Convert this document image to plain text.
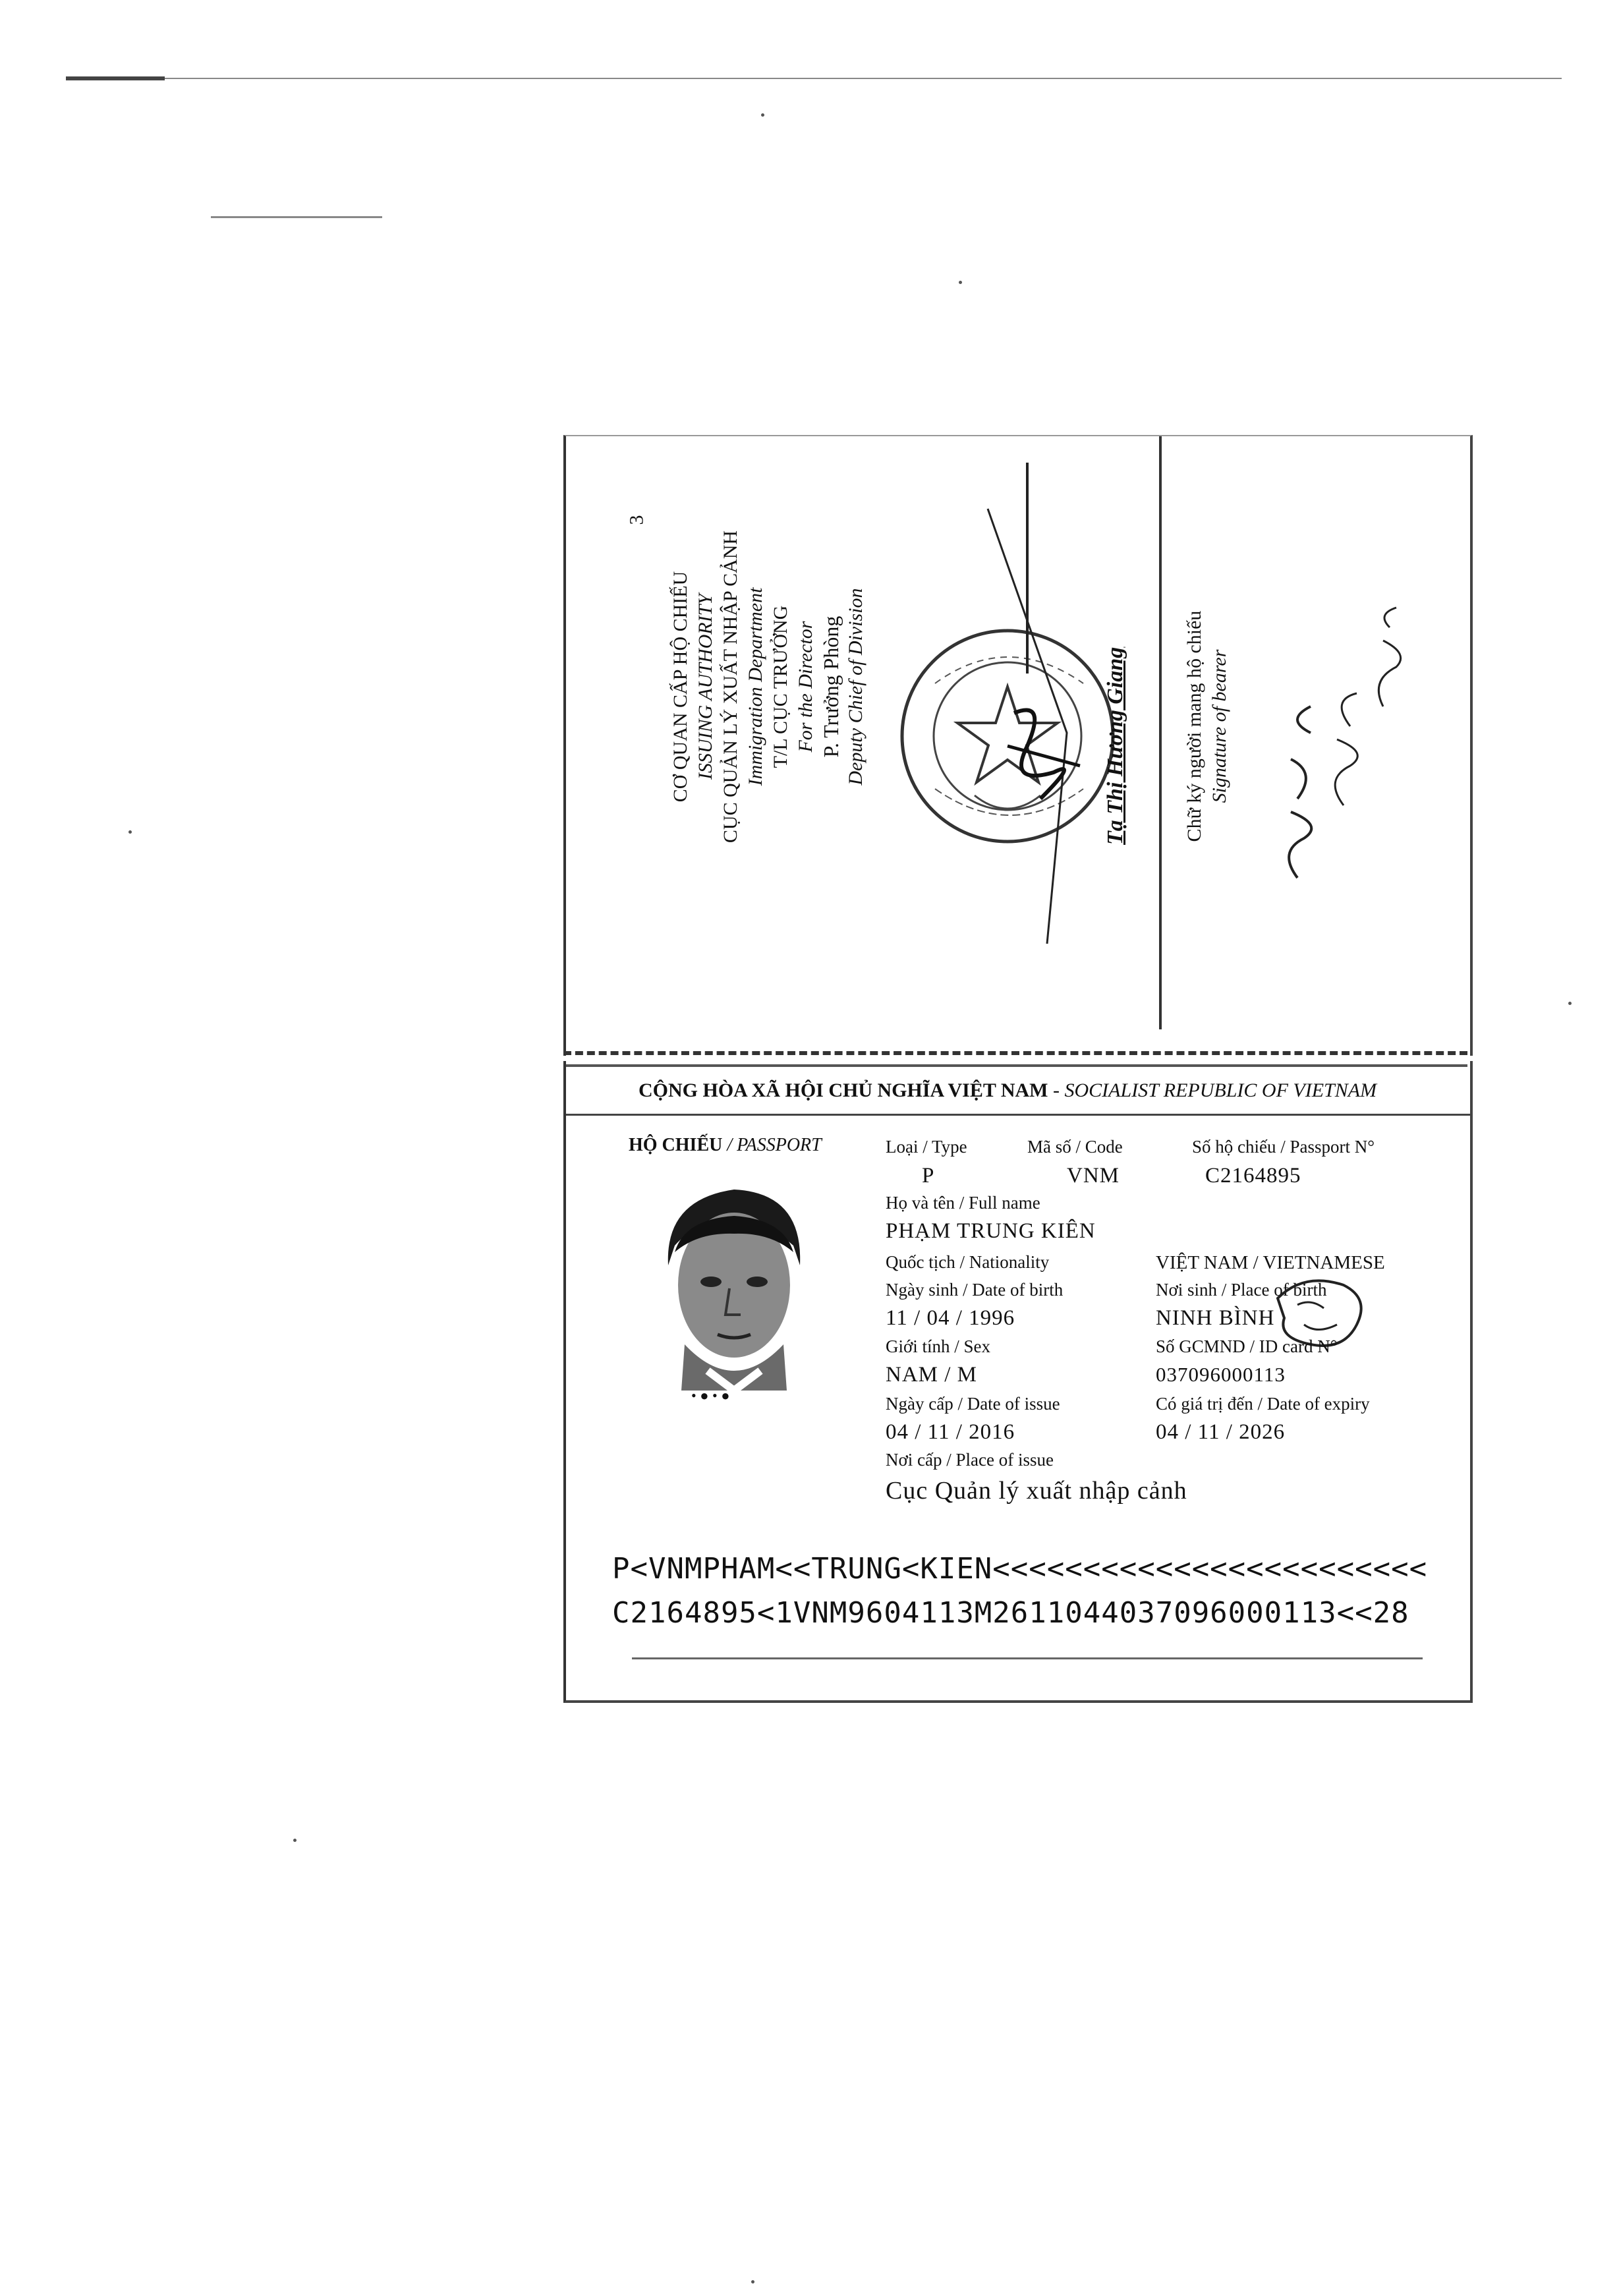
3
CƠ QUAN CẤP HỘ CHIẾU ISSUING AUTHORITY CỤC QUẢN LÝ XUẤT NHẬP CẢNH Immigration Department T/L CỤC TRƯỞNG For the Director P. Trưởng Phòng Deputy Chief of Division	Tạ Thị Hương Giang	Chữ ký người mang hộ chiếu Signature of bearer
CỘNG HÒA XÃ HỘI CHỦ NGHĨA VIỆT NAM - SOCIALIST REPUBLIC OF VIETNAM
HỘ CHIẾU / PASSPORT
• ● • ●
Loại / Type
P
Mã số / Code
VNM
Số hộ chiếu / Passport N°
C2164895
Họ và tên / Full name
PHẠM TRUNG KIÊN
Quốc tịch / Nationality	VIỆT NAM / VIETNAMESE
Ngày sinh / Date of birth
11 / 04 / 1996
Nơi sinh / Place of birth
NINH BÌNH
Giới tính / Sex
NAM / M
Số GCMND / ID card N°
037096000113
Ngày cấp / Date of issue
04 / 11 / 2016
Có giá trị đến / Date of expiry
04 / 11 / 2026
Nơi cấp / Place of issue
Cục Quản lý xuất nhập cảnh
P<VNMPHAM<<TRUNG<KIEN<<<<<<<<<<<<<<<<<<<<<<<<
C2164895<1VNM9604113M2611044037096000113<<28
